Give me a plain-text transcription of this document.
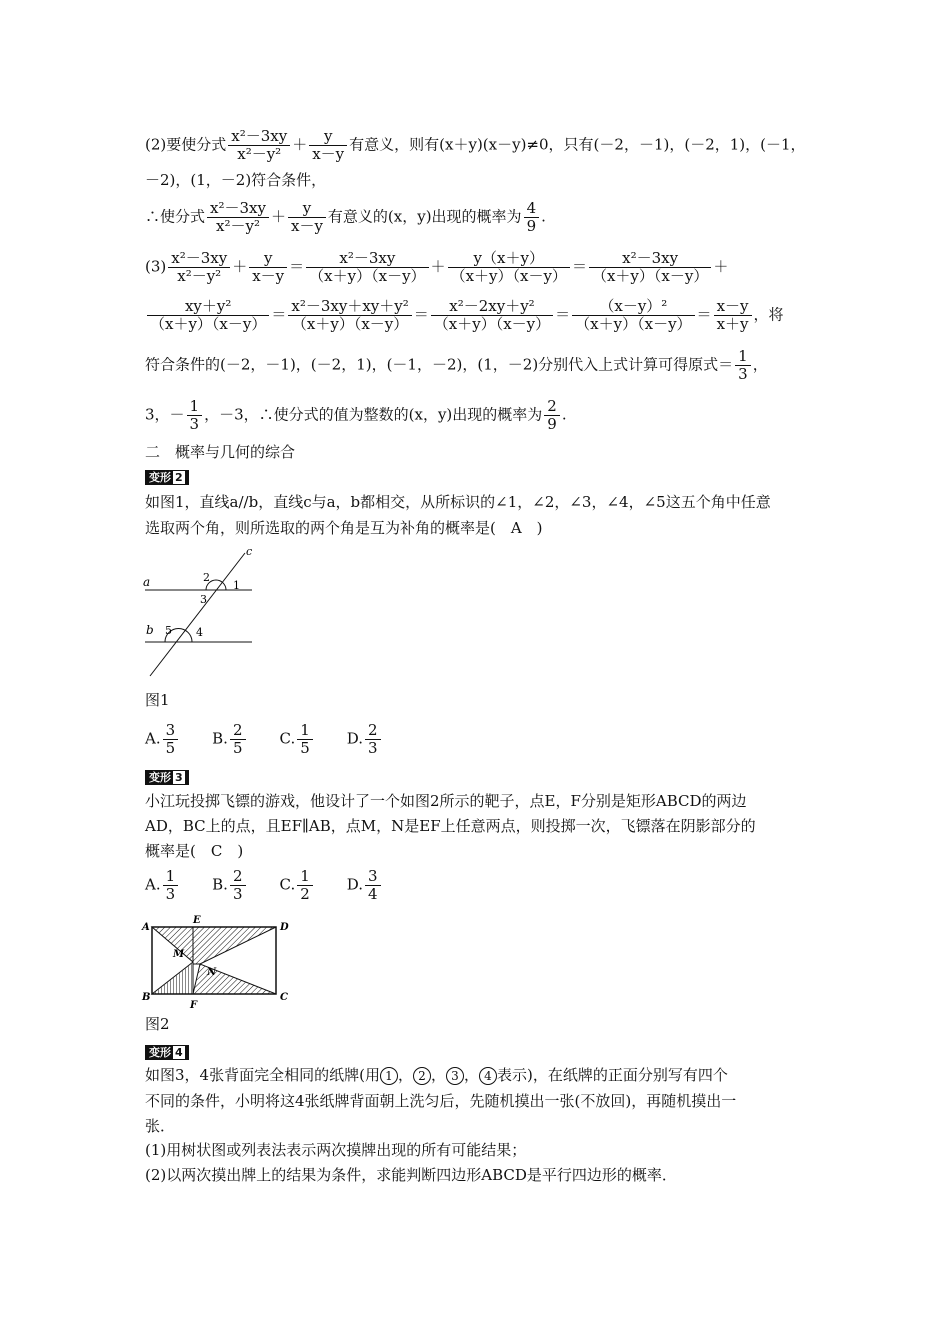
(2)要使分式 $\frac{\text{x²－3xy}}{\text{x²－y²}} + \frac{y}{x-y}$ 有意义，则有(x＋y)(x－y)≠0，只有(－2，－1)，(－2，1)，(－1，
－2)，(1，－2)符合条件，
∴使分式 $\frac{\text{x²－3xy}}{\text{x²－y²}} + \frac{y}{x-y}$ 有意义的(x，y)出现的概率为 $\frac{4}{9}$ .
$(3) \frac{\text{x²－3xy}}{\text{x²－y²}} + \frac{y}{x-y} = \frac{\text{x²－3xy}}{(x+y)(x-y)} + \frac{y(x+y)}{(x+y)(x-y)} = \frac{\text{x²－3xy}}{(x+y)(x-y)}$ ＋
$\frac{\text{xy＋y²}}{(x+y)(x-y)} = \frac{\text{x²－3xy＋xy＋y²}}{(x+y)(x-y)} = \frac{\text{x²－2xy＋y²}}{(x+y)(x-y)} = \frac{\text{（x－y）²}}{(x+y)(x-y)} = \frac{x-y}{x+y}$ ，将
符合条件的(－2，－1)，(－2，1)，(－1，－2)，(1，－2)分别代入上式计算可得原式＝ $\frac{1}{3}$ ，
3，－ $\frac{1}{3}$ ，－3，∴使分式的值为整数的(x，y)出现的概率为 $\frac{2}{9}$ .
二　概率与几何的综合
变形 2
如图1，直线a//b，直线c与a，b都相交，从所标识的∠1，∠2，∠3，∠4，∠5这五个角中任意
选取两个角，则所选取的两个角是互为补角的概率是(　A　)
a
b
c
1
2
3
4
5
图1
A. $\frac{3}{5} B$. $\frac{2}{5} C$. $\frac{1}{5} D$. $\frac{2}{3}$
变形 3
小江玩投掷飞镖的游戏，他设计了一个如图2所示的靶子，点E，F分别是矩形ABCD的两边
AD，BC上的点，且EF∥AB，点M，N是EF上任意两点，则投掷一次，飞镖落在阴影部分的
概率是(　C　)
A. $\frac{1}{3} B$. $\frac{2}{3} C$. $\frac{1}{2} D$. $\frac{3}{4}$
A
B	C
D
E
F
M
N
图2
变形 4
如图3，4张背面完全相同的纸牌(用 1 ， 2 ， 3 ， 4 表示)，在纸牌的正面分别写有四个
不同的条件，小明将这4张纸牌背面朝上洗匀后，先随机摸出一张(不放回)，再随机摸出一
张．
(1)用树状图或列表法表示两次摸牌出现的所有可能结果；
(2)以两次摸出牌上的结果为条件，求能判断四边形ABCD是平行四边形的概率．
